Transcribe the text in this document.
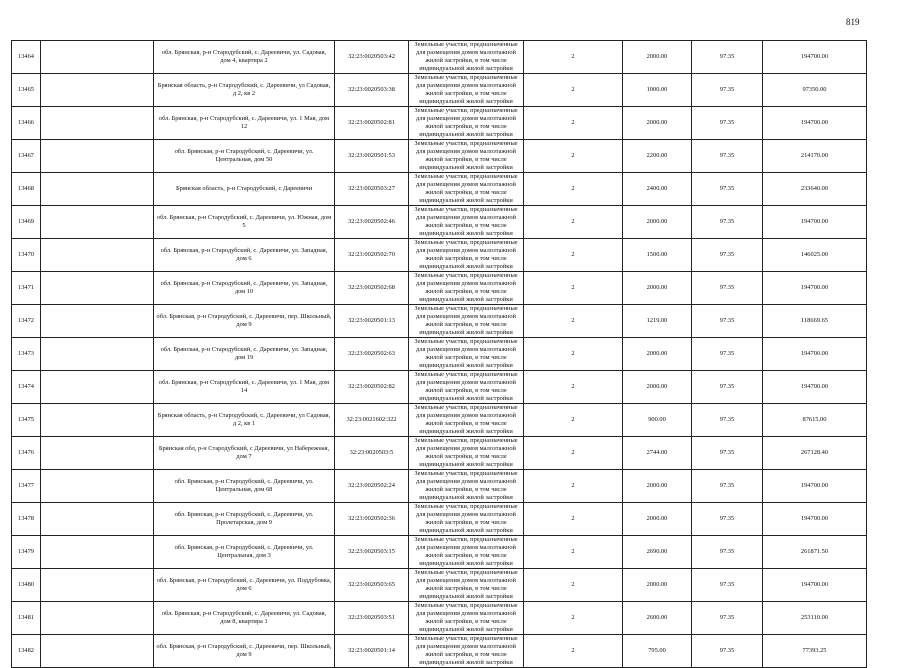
819
13464		обл. Брянская, р-н Стародубский, с. Дареевичи, ул. Садовая, дом 4, квартира 2	32:23:0020503:42	Земельные участки, предназначенные для размещения домов малоэтажной жилой застройки, в том числе индивидуальной жилой застройки	2	2000.00	97.35	194700.00
13465		Брянская область, р-н Стародубский, с. Дареевичи, ул Садовая, д 2, кв 2	32:23:0020503:38	Земельные участки, предназначенные для размещения домов малоэтажной жилой застройки, в том числе индивидуальной жилой застройки	2	1000.00	97.35	97350.00
13466		обл. Брянская, р-н Стародубский, с. Дареевичи, ул. 1 Мая, дом 12	32:23:0020502:81	Земельные участки, предназначенные для размещения домов малоэтажной жилой застройки, в том числе индивидуальной жилой застройки	2	2000.00	97.35	194700.00
13467		обл. Брянская, р-н Стародубский, с. Дареевичи, ул. Центральная, дом 50	32:23:0020501:53	Земельные участки, предназначенные для размещения домов малоэтажной жилой застройки, в том числе индивидуальной жилой застройки	2	2200.00	97.35	214170.00
13468		Брянская область, р-н Стародубский, с Дареевичи	32:23:0020503:27	Земельные участки, предназначенные для размещения домов малоэтажной жилой застройки, в том числе индивидуальной жилой застройки	2	2400.00	97.35	233640.00
13469		обл. Брянская, р-н Стародубский, с. Дареевичи, ул. Южная, дом 5	32:23:0020502:46	Земельные участки, предназначенные для размещения домов малоэтажной жилой застройки, в том числе индивидуальной жилой застройки	2	2000.00	97.35	194700.00
13470		обл. Брянская, р-н Стародубский, с. Дареевичи, ул. Западная, дом 6	32:23:0020502:70	Земельные участки, предназначенные для размещения домов малоэтажной жилой застройки, в том числе индивидуальной жилой застройки	2	1500.00	97.35	146025.00
13471		обл. Брянская, р-н Стародубский, с. Дареевичи, ул. Западная, дом 10	32:23:0020502:68	Земельные участки, предназначенные для размещения домов малоэтажной жилой застройки, в том числе индивидуальной жилой застройки	2	2000.00	97.35	194700.00
13472		обл. Брянская, р-н Стародубский, с. Дареевичи, пер. Школьный, дом 9	32:23:0020501:13	Земельные участки, предназначенные для размещения домов малоэтажной жилой застройки, в том числе индивидуальной жилой застройки	2	1219.00	97.35	118669.65
13473		обл. Брянская, р-н Стародубский, с. Дареевичи, ул. Западная, дом 19	32:23:0020502:63	Земельные участки, предназначенные для размещения домов малоэтажной жилой застройки, в том числе индивидуальной жилой застройки	2	2000.00	97.35	194700.00
13474		обл. Брянская, р-н Стародубский, с. Дареевичи, ул. 1 Мая, дом 14	32:23:0020502:82	Земельные участки, предназначенные для размещения домов малоэтажной жилой застройки, в том числе индивидуальной жилой застройки	2	2000.00	97.35	194700.00
13475		Брянская область, р-н Стародубский, с. Дареевичи, ул Садовая, д 2, кв 1	32:23:0021602:322	Земельные участки, предназначенные для размещения домов малоэтажной жилой застройки, в том числе индивидуальной жилой застройки	2	900.00	97.35	87615.00
13476		Брянская обл, р-н Стародубский, с Дареевичи, ул Набережная, дом 7	32:23:0020503:5	Земельные участки, предназначенные для размещения домов малоэтажной жилой застройки, в том числе индивидуальной жилой застройки	2	2744.00	97.35	267128.40
13477		обл. Брянская, р-н Стародубский, с. Дареевичи, ул. Центральная, дом 68	32:23:0020502:24	Земельные участки, предназначенные для размещения домов малоэтажной жилой застройки, в том числе индивидуальной жилой застройки	2	2000.00	97.35	194700.00
13478		обл. Брянская, р-н Стародубский, с. Дареевичи, ул. Пролетарская, дом 9	32:23:0020502:36	Земельные участки, предназначенные для размещения домов малоэтажной жилой застройки, в том числе индивидуальной жилой застройки	2	2000.00	97.35	194700.00
13479		обл. Брянская, р-н Стародубский, с. Дареевичи, ул. Центральная, дом 3	32:23:0020503:15	Земельные участки, предназначенные для размещения домов малоэтажной жилой застройки, в том числе индивидуальной жилой застройки	2	2690.00	97.35	261871.50
13480		обл. Брянская, р-н Стародубский, с. Дареевичи, ул. Поддубовка, дом 6	32:23:0020503:65	Земельные участки, предназначенные для размещения домов малоэтажной жилой застройки, в том числе индивидуальной жилой застройки	2	2000.00	97.35	194700.00
13481		обл. Брянская, р-н Стародубский, с. Дареевичи, ул. Садовая, дом 8, квартира 1	32:23:0020503:51	Земельные участки, предназначенные для размещения домов малоэтажной жилой застройки, в том числе индивидуальной жилой застройки	2	2600.00	97.35	253110.00
13482		обл. Брянская, р-н Стародубский, с. Дареевичи, пер. Школьный, дом 9	32:23:0020501:14	Земельные участки, предназначенные для размещения домов малоэтажной жилой застройки, в том числе индивидуальной жилой застройки	2	795.00	97.35	77393.25
